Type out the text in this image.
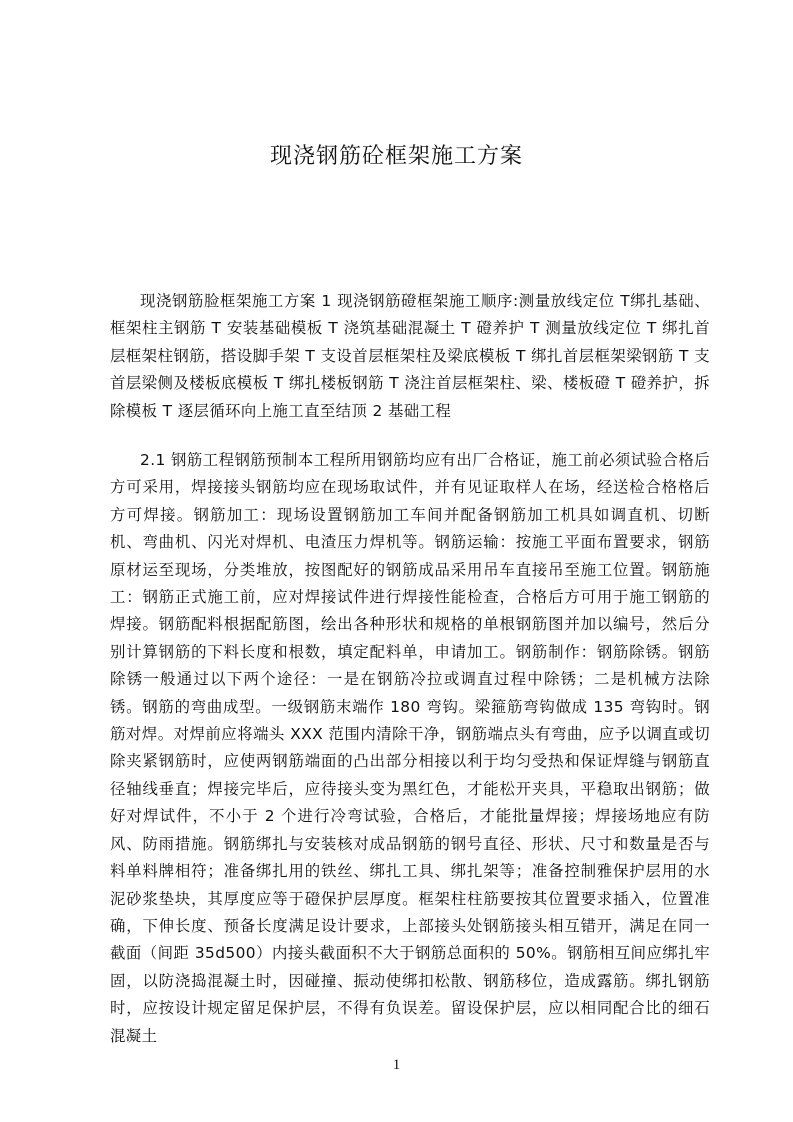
现浇钢筋砼框架施工方案

现浇钢筋脸框架施工方案 1 现浇钢筋磴框架施工顺序:测量放线定位 T绑扎基础、框架柱主钢筋 T 安装基础模板 T 浇筑基础混凝土 T 磴养护 T 测量放线定位 T 绑扎首层框架柱钢筋，搭设脚手架 T 支设首层框架柱及梁底模板 T 绑扎首层框架梁钢筋 T 支首层梁侧及楼板底模板 T 绑扎楼板钢筋 T 浇注首层框架柱、梁、楼板磴 T 磴养护，拆除模板 T 逐层循环向上施工直至结顶 2 基础工程

2.1 钢筋工程钢筋预制本工程所用钢筋均应有出厂合格证，施工前必须试验合格后方可采用，焊接接头钢筋均应在现场取试件，并有见证取样人在场，经送检合格格后方可焊接。钢筋加工：现场设置钢筋加工车间并配备钢筋加工机具如调直机、切断机、弯曲机、闪光对焊机、电渣压力焊机等。钢筋运输：按施工平面布置要求，钢筋原材运至现场，分类堆放，按图配好的钢筋成品采用吊车直接吊至施工位置。钢筋施工：钢筋正式施工前，应对焊接试件进行焊接性能检查，合格后方可用于施工钢筋的焊接。钢筋配料根据配筋图，绘出各种形状和规格的单根钢筋图并加以编号，然后分别计算钢筋的下料长度和根数，填定配料单，申请加工。钢筋制作：钢筋除锈。钢筋除锈一般通过以下两个途径：一是在钢筋冷拉或调直过程中除锈；二是机械方法除锈。钢筋的弯曲成型。一级钢筋末端作 180 弯钩。梁箍筋弯钩做成 135 弯钩时。钢筋对焊。对焊前应将端头 XXX 范围内清除干净，钢筋端点头有弯曲，应予以调直或切除夹紧钢筋时，应使两钢筋端面的凸出部分相接以利于均匀受热和保证焊缝与钢筋直径轴线垂直；焊接完毕后，应待接头变为黑红色，才能松开夹具，平稳取出钢筋；做好对焊试件，不小于 2 个进行冷弯试验，合格后，才能批量焊接；焊接场地应有防风、防雨措施。钢筋绑扎与安装核对成品钢筋的钢号直径、形状、尺寸和数量是否与料单料牌相符；准备绑扎用的铁丝、绑扎工具、绑扎架等；准备控制雅保护层用的水泥砂浆垫块，其厚度应等于磴保护层厚度。框架柱柱筋要按其位置要求插入，位置准确，下伸长度、预备长度满足设计要求，上部接头处钢筋接头相互错开，满足在同一截面（间距 35d500）内接头截面积不大于钢筋总面积的 50%。钢筋相互间应绑扎牢固，以防浇捣混凝土时，因碰撞、振动使绑扣松散、钢筋移位，造成露筋。绑扎钢筋时，应按设计规定留足保护层，不得有负误差。留设保护层，应以相同配合比的细石混凝土

1
